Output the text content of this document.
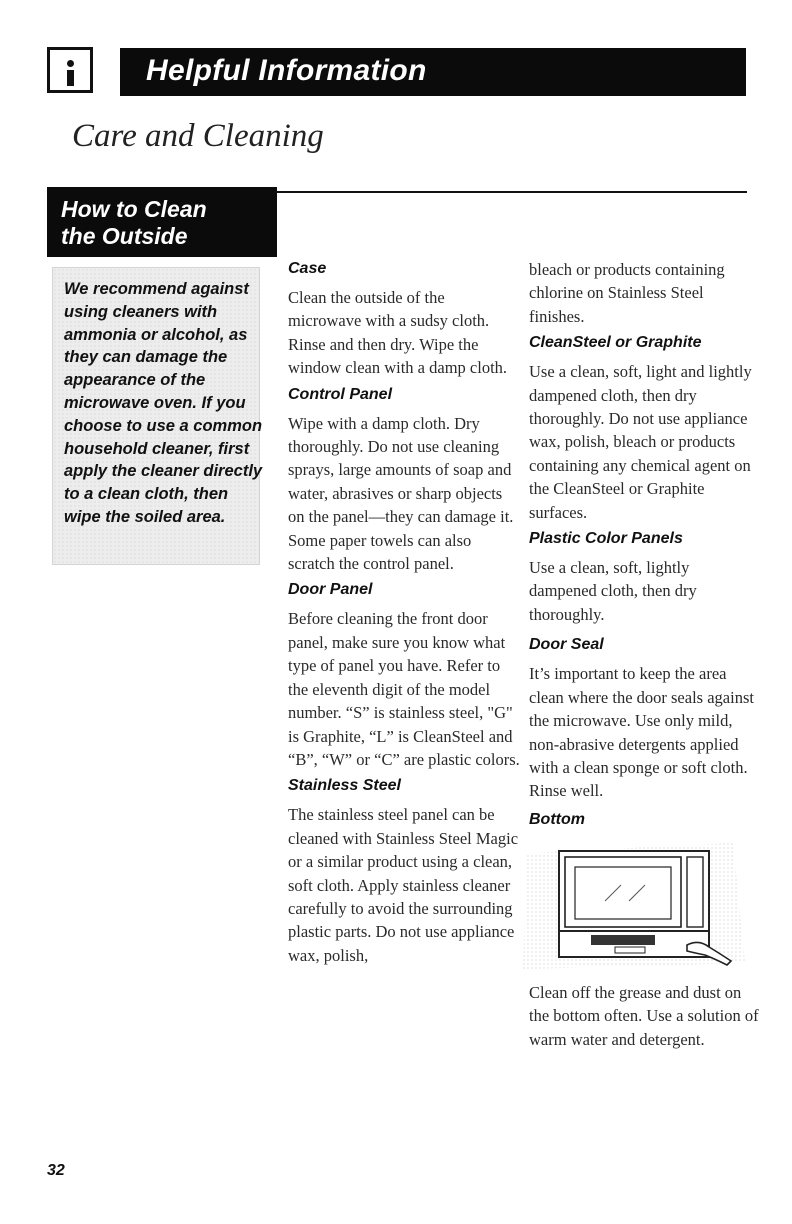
Helpful Information
Care and Cleaning

How to Clean
the Outside

We recommend against using cleaners with ammonia or alcohol, as they can damage the appearance of the microwave oven. If you choose to use a common household cleaner, first apply the cleaner directly to a clean cloth, then wipe the soiled area.

Case

Clean the outside of the microwave with a sudsy cloth. Rinse and then dry. Wipe the window clean with a damp cloth.

Control Panel

Wipe with a damp cloth. Dry thoroughly. Do not use cleaning sprays, large amounts of soap and water, abrasives or sharp objects on the panel—they can damage it. Some paper towels can also scratch the control panel.

Door Panel

Before cleaning the front door panel, make sure you know what type of panel you have. Refer to the eleventh digit of the model number. “S” is stainless steel, "G" is Graphite, “L” is CleanSteel and “B”, “W” or “C” are plastic colors.

Stainless Steel

The stainless steel panel can be cleaned with Stainless Steel Magic or a similar product using a clean, soft cloth. Apply stainless cleaner carefully to avoid the surrounding plastic parts. Do not use appliance wax, polish,

bleach or products containing chlorine on Stainless Steel finishes.

CleanSteel or Graphite

Use a clean, soft, light and lightly dampened cloth, then dry thoroughly. Do not use appliance wax, polish, bleach or products containing any chemical agent on the CleanSteel or Graphite surfaces.

Plastic Color Panels

Use a clean, soft, lightly dampened cloth, then dry thoroughly.

Door Seal

It’s important to keep the area clean where the door seals against the microwave. Use only mild, non-abrasive detergents applied with a clean sponge or soft cloth. Rinse well.

Bottom

Clean off the grease and dust on the bottom often. Use a solution of warm water and detergent.

32
